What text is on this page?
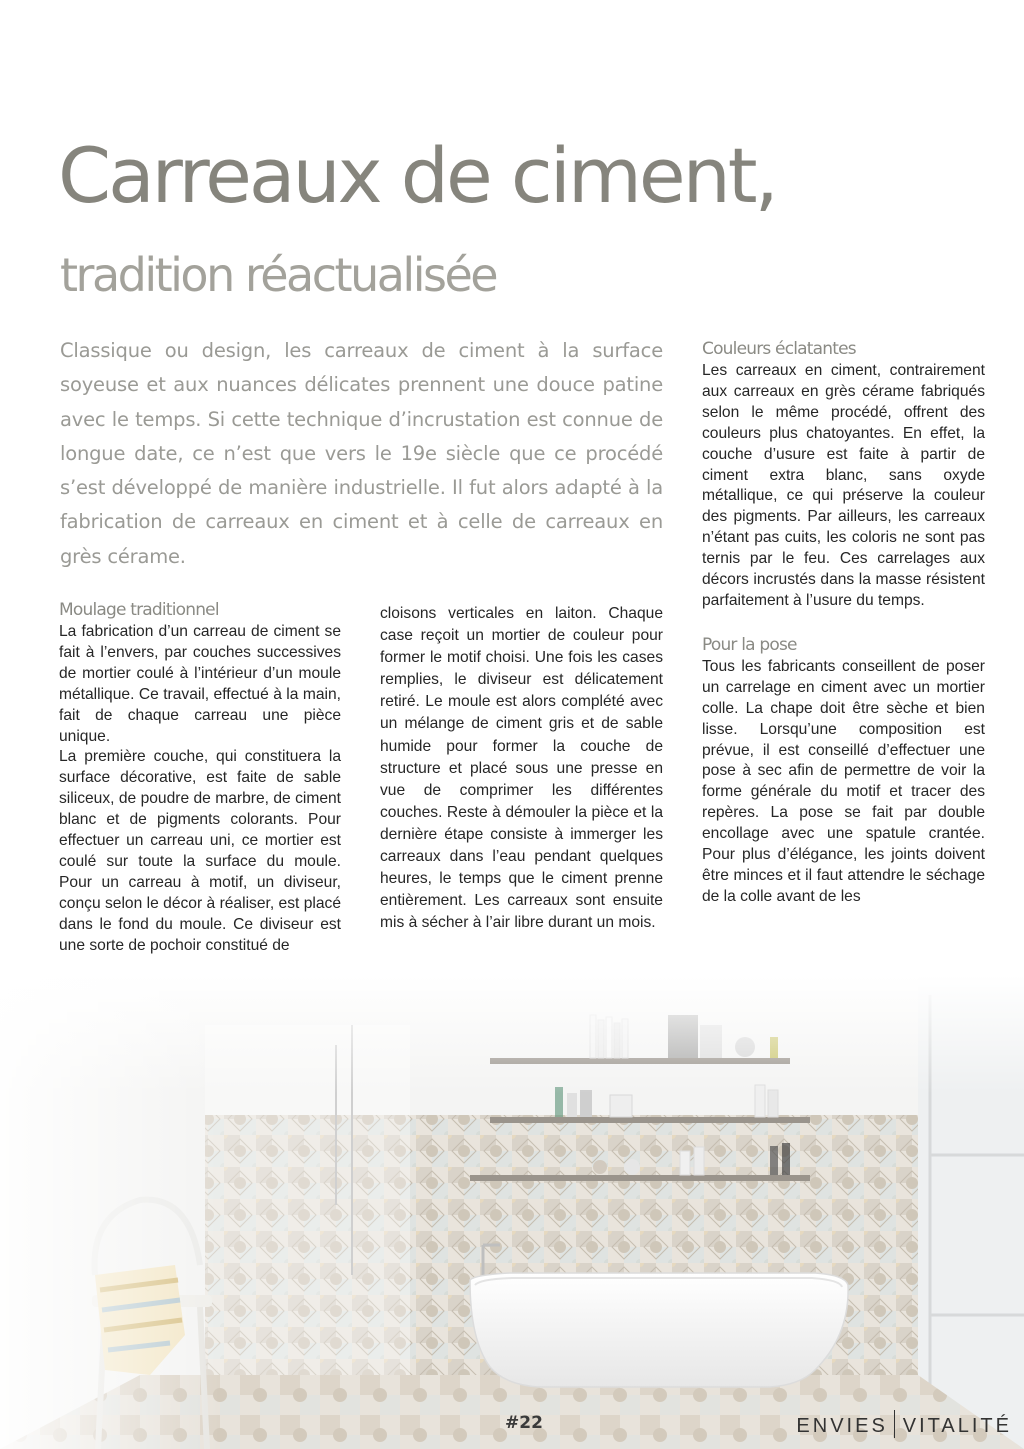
Carreaux de ciment,
tradition réactualisée

Classique ou design, les carreaux de ciment à la surface soyeuse et aux nuances délicates prennent une douce patine avec le temps. Si cette technique d’incrustation est connue de longue date, ce n’est que vers le 19e siècle que ce procédé s’est développé de manière industrielle. Il fut alors adapté à la fabrication de carreaux en ciment et à celle de carreaux en grès cérame.

Moulage traditionnel

La fabrication d’un carreau de ciment se fait à l’envers, par couches successives de mortier coulé à l’intérieur d’un moule métallique. Ce travail, effectué à la main, fait de chaque carreau une pièce unique.

La première couche, qui constituera la surface décorative, est faite de sable siliceux, de poudre de marbre, de ciment blanc et de pigments colorants. Pour effectuer un carreau uni, ce mortier est coulé sur toute la surface du moule. Pour un carreau à motif, un diviseur, conçu selon le décor à réaliser, est placé dans le fond du moule. Ce diviseur est une sorte de pochoir constitué de

cloisons verticales en laiton. Chaque case reçoit un mortier de couleur pour former le motif choisi. Une fois les cases remplies, le diviseur est délicatement retiré. Le moule est alors complété avec un mélange de ciment gris et de sable humide pour former la couche de structure et placé sous une presse en vue de comprimer les différentes couches. Reste à démouler la pièce et la dernière étape consiste à immerger les carreaux dans l’eau pendant quelques heures, le temps que le ciment prenne entièrement. Les carreaux sont ensuite mis à sécher à l’air libre durant un mois.

Couleurs éclatantes

Les carreaux en ciment, contrairement aux carreaux en grès cérame fabriqués selon le même procédé, offrent des couleurs plus chatoyantes. En effet, la couche d’usure est faite à partir de ciment extra blanc, sans oxyde métallique, ce qui préserve la couleur des pigments. Par ailleurs, les carreaux n’étant pas cuits, les coloris ne sont pas ternis par le feu. Ces carrelages aux décors incrustés dans la masse résistent parfaitement à l’usure du temps.

Pour la pose

Tous les fabricants conseillent de poser un carrelage en ciment avec un mortier colle. La chape doit être sèche et bien lisse. Lorsqu’une composition est prévue, il est conseillé d’effectuer une pose à sec afin de permettre de voir la forme générale du motif et tracer des repères. La pose se fait par double encollage avec une spatule crantée. Pour plus d’élégance, les joints doivent être minces et il faut attendre le séchage de la colle avant de les

#22	ENVIES VITALITÉ
